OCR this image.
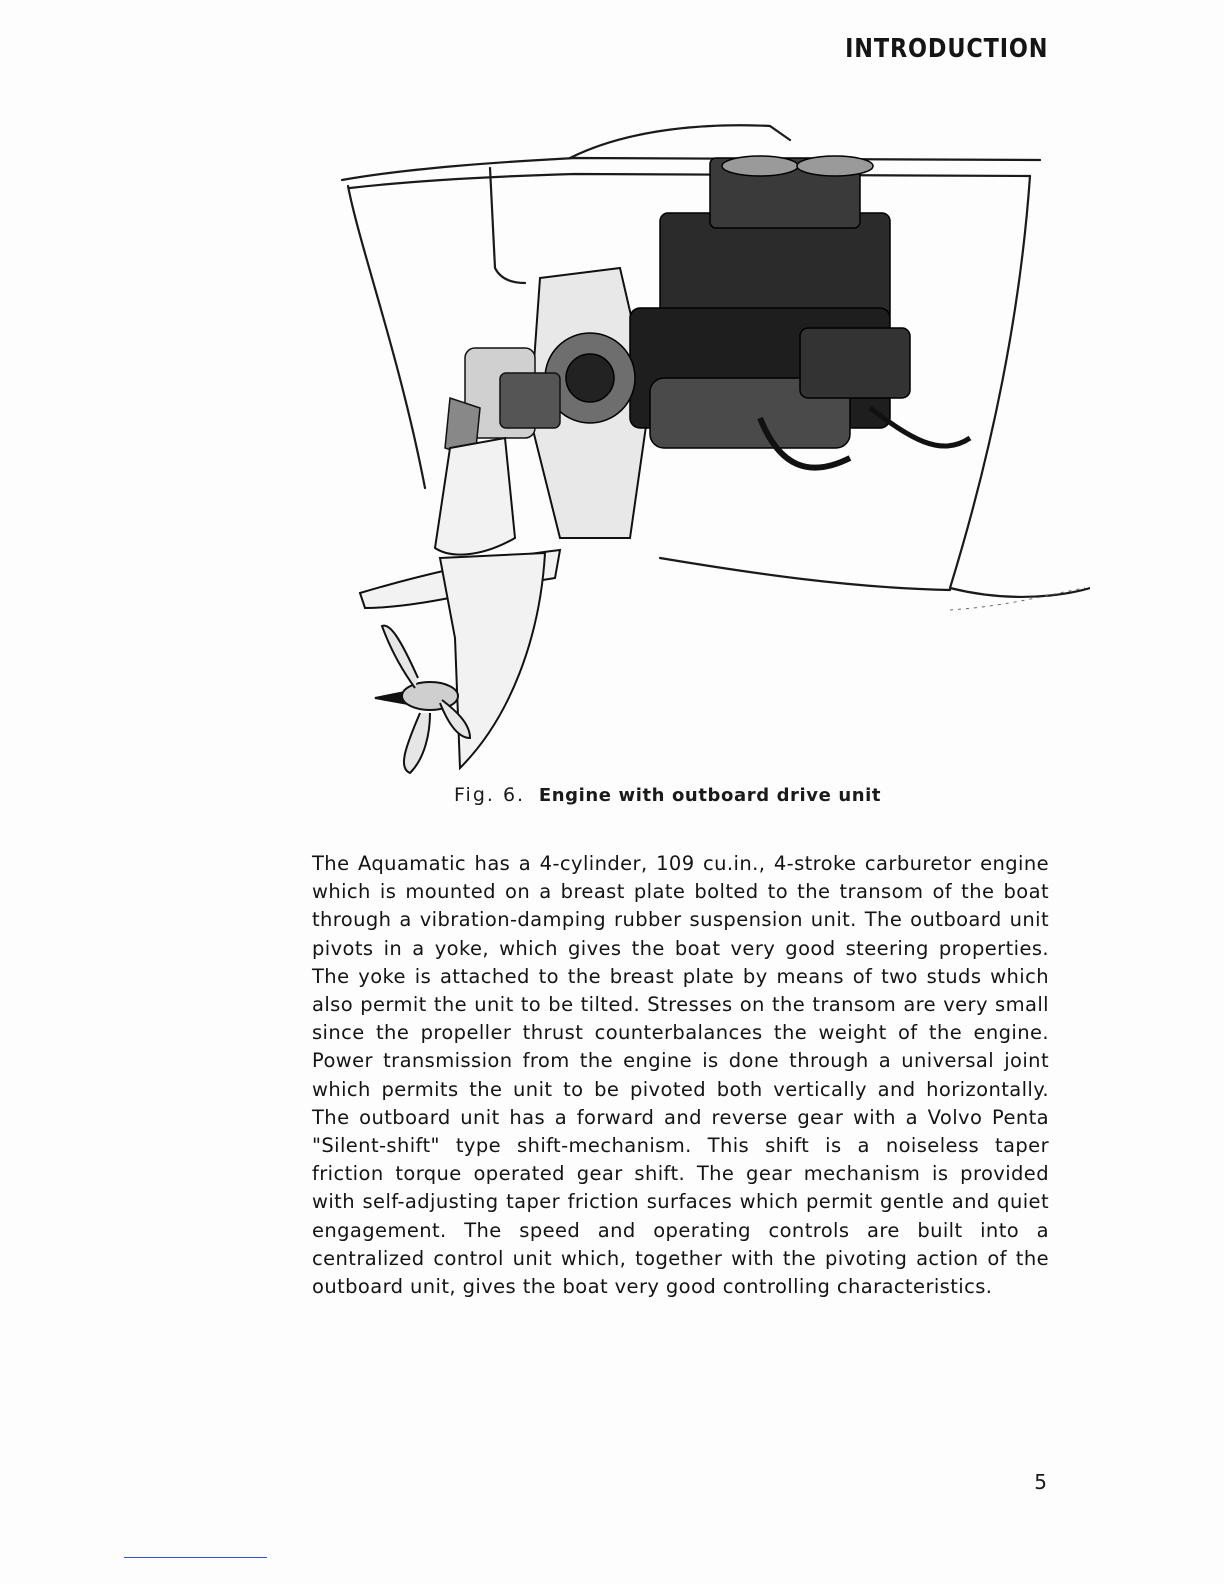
INTRODUCTION
Fig. 6. Engine with outboard drive unit
The Aquamatic has a 4-cylinder, 109 cu.in., 4-stroke carburetor engine which is mounted on a breast plate bolted to the transom of the boat through a vibration-damping rubber suspension unit. The outboard unit pivots in a yoke, which gives the boat very good steering properties. The yoke is attached to the breast plate by means of two studs which also permit the unit to be tilted. Stresses on the transom are very small since the propeller thrust counterbalances the weight of the engine. Power transmission from the engine is done through a universal joint which permits the unit to be pivoted both vertically and horizontally. The outboard unit has a forward and reverse gear with a Volvo Penta "Silent-shift" type shift-mechanism. This shift is a noiseless taper friction torque operated gear shift. The gear mechanism is provided with self-adjusting taper friction surfaces which permit gentle and quiet engagement. The speed and operating controls are built into a centralized control unit which, together with the pivoting action of the outboard unit, gives the boat very good controlling characteristics.
5
